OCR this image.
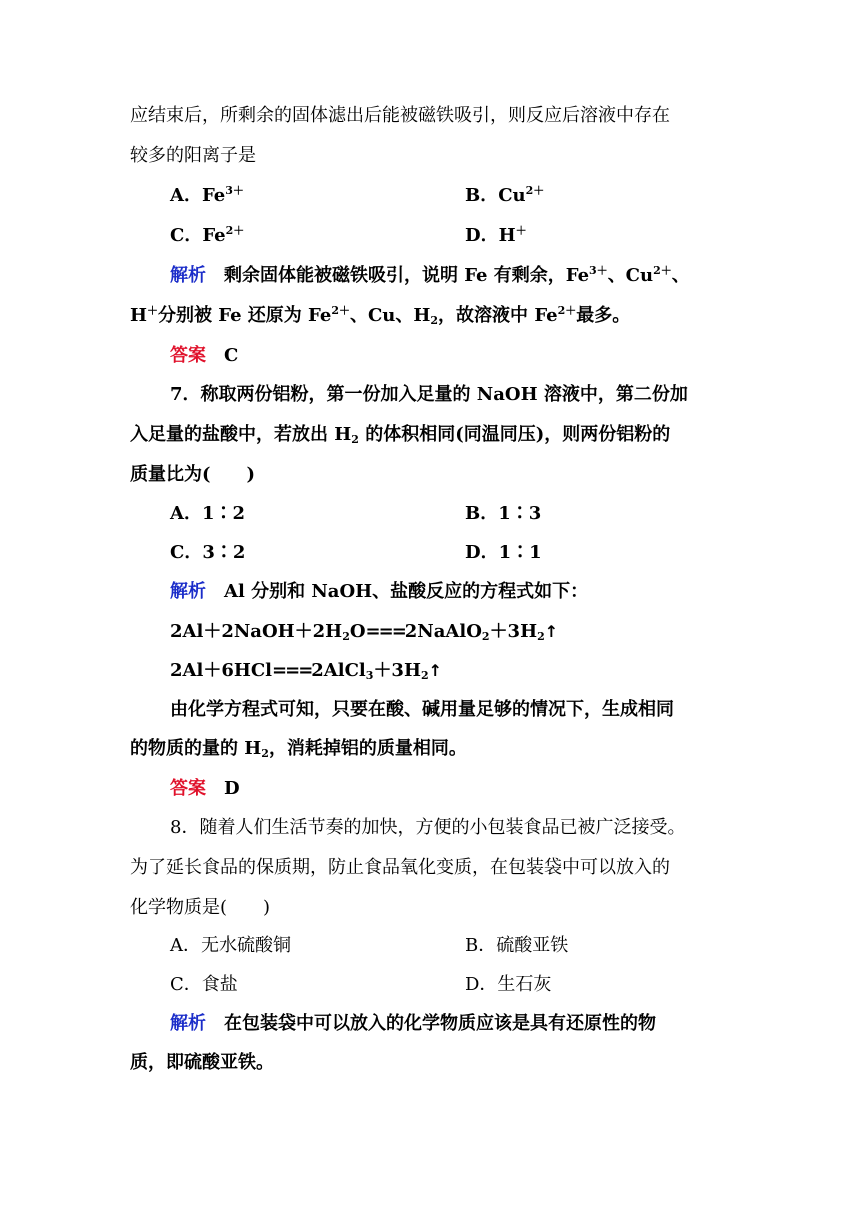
应结束后，所剩余的固体滤出后能被磁铁吸引，则反应后溶液中存在
较多的阳离子是
A．$Fe^{3+}$	B．$Cu^{2+}$
C．$Fe^{2+}$	D．H＋
解析 剩余固体能被磁铁吸引，说明 Fe 有剩余，$Fe^{3+}$、$Cu^{2+}$、
H＋分别被 Fe 还原为 $Fe^{2+}$、Cu、$H_2$，故溶液中 $Fe^{2+}$最多。
答案 C
7．称取两份铝粉，第一份加入足量的 NaOH 溶液中，第二份加
入足量的盐酸中，若放出 $H_2$ 的体积相同(同温同压)，则两份铝粉的
质量比为(　　)
A．1∶2	B．1∶3
C．3∶2	D．1∶1
解析 Al 分别和 NaOH、盐酸反应的方程式如下：
$2Al+2NaOH+2H_2O===2NaAlO_2+3H_2↑$
$2Al+6HCl===2AlCl_3+3H_2↑$
由化学方程式可知，只要在酸、碱用量足够的情况下，生成相同
的物质的量的 $H_2$，消耗掉铝的质量相同。
答案 D
8．随着人们生活节奏的加快，方便的小包装食品已被广泛接受。
为了延长食品的保质期，防止食品氧化变质，在包装袋中可以放入的
化学物质是(　　)
A．无水硫酸铜	B．硫酸亚铁
C．食盐	D．生石灰
解析 在包装袋中可以放入的化学物质应该是具有还原性的物
质，即硫酸亚铁。
